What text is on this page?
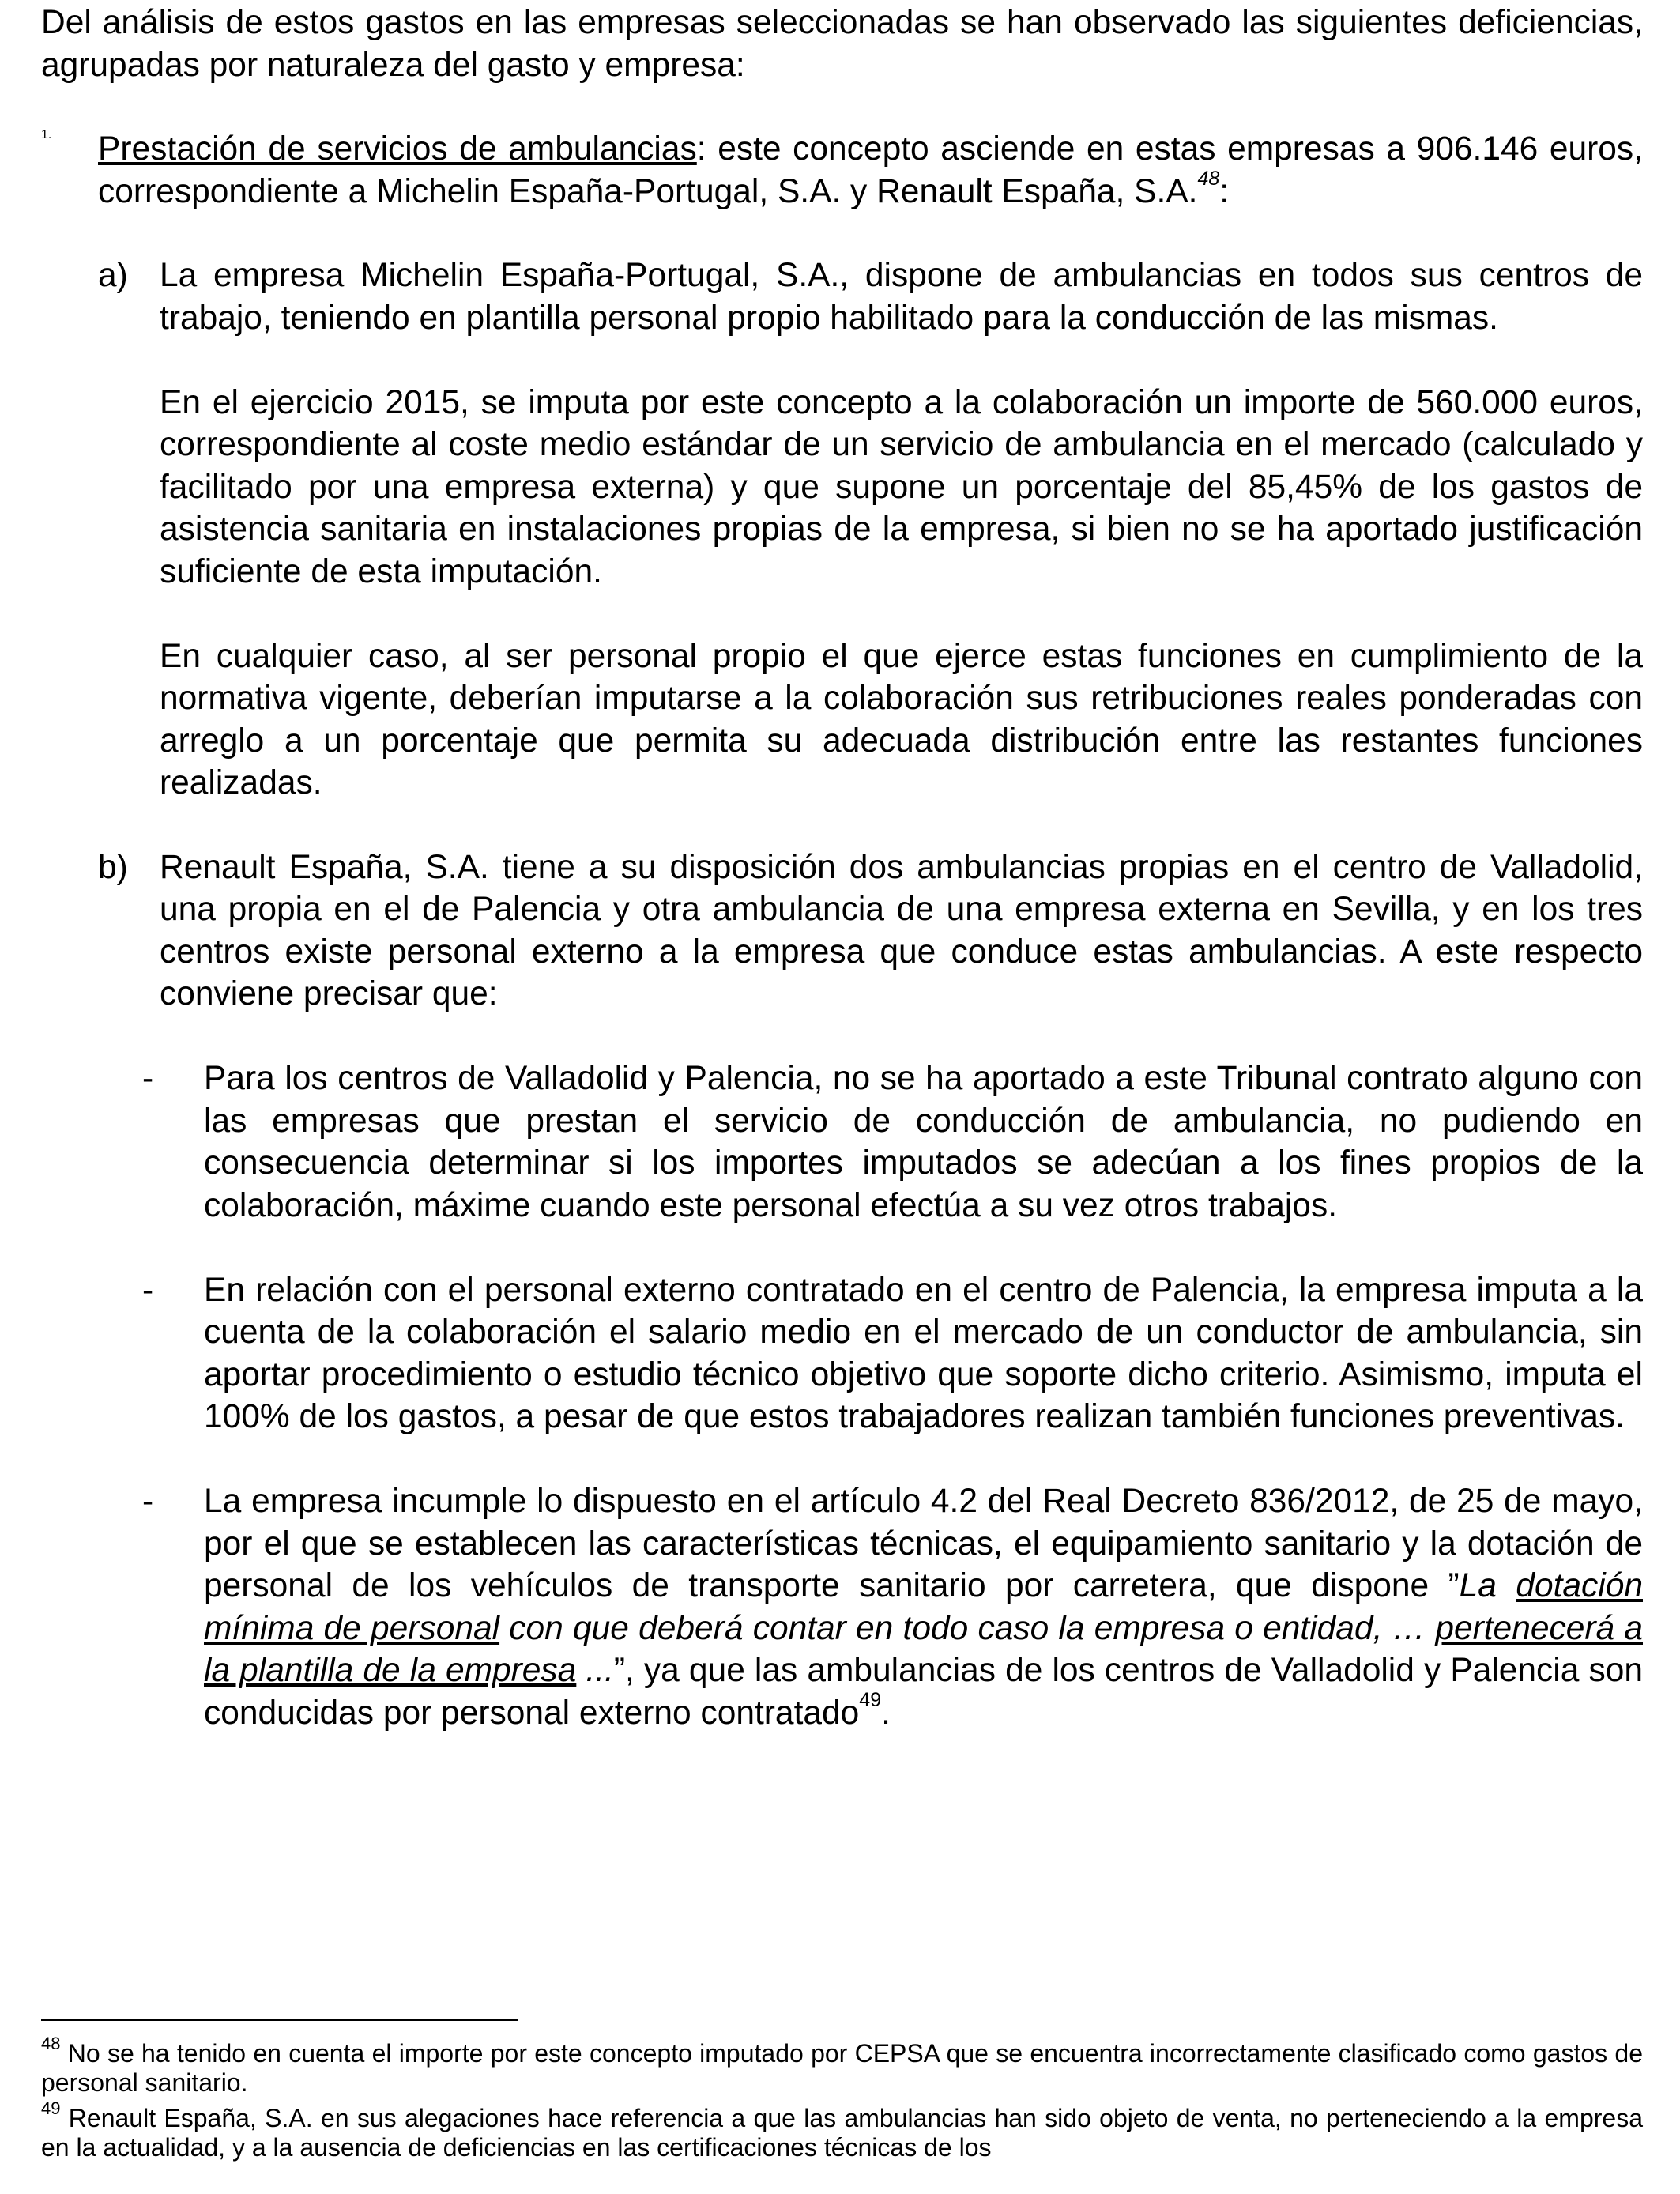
Del análisis de estos gastos en las empresas seleccionadas se han observado las siguientes deficiencias, agrupadas por naturaleza del gasto y empresa:

1. Prestación de servicios de ambulancias: este concepto asciende en estas empresas a 906.146 euros, correspondiente a Michelin España-Portugal, S.A. y Renault España, S.A.$^{48}$:

a) La empresa Michelin España-Portugal, S.A., dispone de ambulancias en todos sus centros de trabajo, teniendo en plantilla personal propio habilitado para la conducción de las mismas.

En el ejercicio 2015, se imputa por este concepto a la colaboración un importe de 560.000 euros, correspondiente al coste medio estándar de un servicio de ambulancia en el mercado (calculado y facilitado por una empresa externa) y que supone un porcentaje del 85,45% de los gastos de asistencia sanitaria en instalaciones propias de la empresa, si bien no se ha aportado justificación suficiente de esta imputación.

En cualquier caso, al ser personal propio el que ejerce estas funciones en cumplimiento de la normativa vigente, deberían imputarse a la colaboración sus retribuciones reales ponderadas con arreglo a un porcentaje que permita su adecuada distribución entre las restantes funciones realizadas.

b) Renault España, S.A. tiene a su disposición dos ambulancias propias en el centro de Valladolid, una propia en el de Palencia y otra ambulancia de una empresa externa en Sevilla, y en los tres centros existe personal externo a la empresa que conduce estas ambulancias. A este respecto conviene precisar que:

- Para los centros de Valladolid y Palencia, no se ha aportado a este Tribunal contrato alguno con las empresas que prestan el servicio de conducción de ambulancia, no pudiendo en consecuencia determinar si los importes imputados se adecúan a los fines propios de la colaboración, máxime cuando este personal efectúa a su vez otros trabajos.

- En relación con el personal externo contratado en el centro de Palencia, la empresa imputa a la cuenta de la colaboración el salario medio en el mercado de un conductor de ambulancia, sin aportar procedimiento o estudio técnico objetivo que soporte dicho criterio. Asimismo, imputa el 100% de los gastos, a pesar de que estos trabajadores realizan también funciones preventivas.

- La empresa incumple lo dispuesto en el artículo 4.2 del Real Decreto 836/2012, de 25 de mayo, por el que se establecen las características técnicas, el equipamiento sanitario y la dotación de personal de los vehículos de transporte sanitario por carretera, que dispone ”La dotación mínima de personal con que deberá contar en todo caso la empresa o entidad, … pertenecerá a la plantilla de la empresa ...”, ya que las ambulancias de los centros de Valladolid y Palencia son conducidas por personal externo contratado$^{49}$.

$^{48}$ No se ha tenido en cuenta el importe por este concepto imputado por CEPSA que se encuentra incorrectamente clasificado como gastos de personal sanitario.

$^{49}$ Renault España, S.A. en sus alegaciones hace referencia a que las ambulancias han sido objeto de venta, no perteneciendo a la empresa en la actualidad, y a la ausencia de deficiencias en las certificaciones técnicas de los
